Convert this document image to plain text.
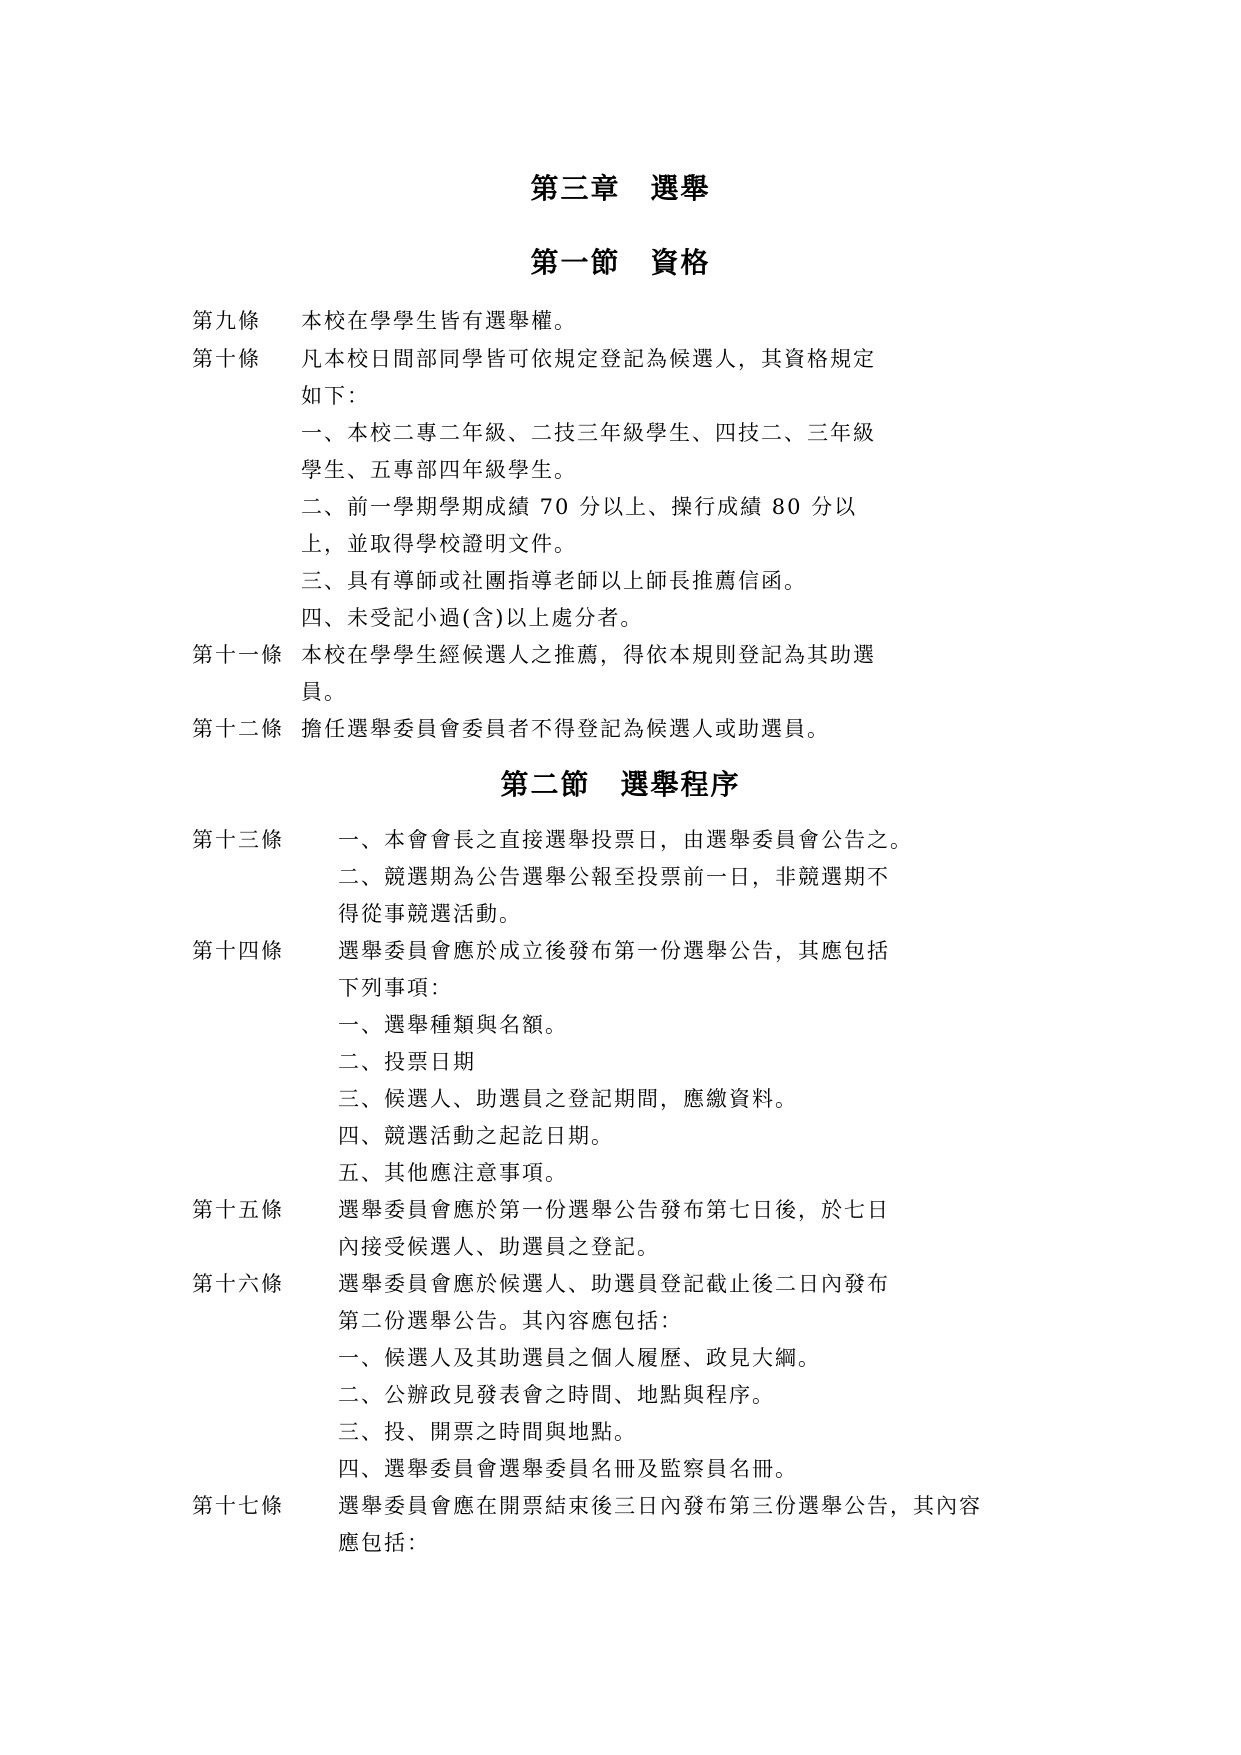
第三章　選舉
第一節　資格
第九條 本校在學學生皆有選舉權。
第十條 凡本校日間部同學皆可依規定登記為候選人，其資格規定
如下：
一、本校二專二年級、二技三年級學生、四技二、三年級
學生、五專部四年級學生。
二、前一學期學期成績 70 分以上、操行成績 80 分以
上，並取得學校證明文件。
三、具有導師或社團指導老師以上師長推薦信函。
四、未受記小過(含)以上處分者。
第十一條 本校在學學生經候選人之推薦，得依本規則登記為其助選
員。
第十二條 擔任選舉委員會委員者不得登記為候選人或助選員。
第二節　選舉程序
第十三條	一、本會會長之直接選舉投票日，由選舉委員會公告之。
二、競選期為公告選舉公報至投票前一日，非競選期不
得從事競選活動。
第十四條	選舉委員會應於成立後發布第一份選舉公告，其應包括
下列事項：
一、選舉種類與名額。
二、投票日期
三、候選人、助選員之登記期間，應繳資料。
四、競選活動之起訖日期。
五、其他應注意事項。
第十五條	選舉委員會應於第一份選舉公告發布第七日後，於七日
內接受候選人、助選員之登記。
第十六條	選舉委員會應於候選人、助選員登記截止後二日內發布
第二份選舉公告。其內容應包括：
一、候選人及其助選員之個人履歷、政見大綱。
二、公辦政見發表會之時間、地點與程序。
三、投、開票之時間與地點。
四、選舉委員會選舉委員名冊及監察員名冊。
第十七條	選舉委員會應在開票結束後三日內發布第三份選舉公告，其內容
應包括：
